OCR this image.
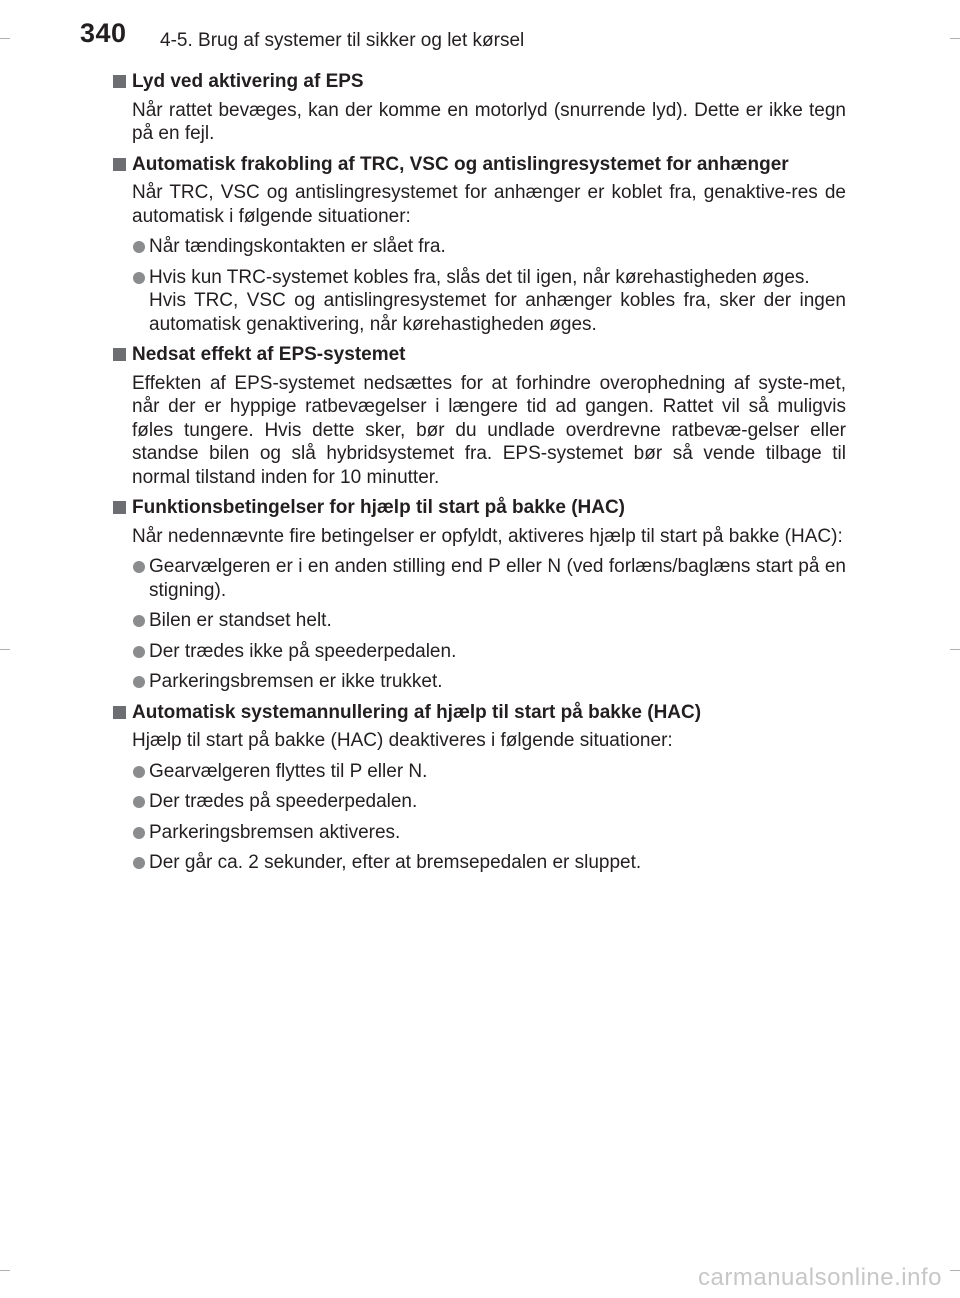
340 4-5. Brug af systemer til sikker og let kørsel
Lyd ved aktivering af EPS
Når rattet bevæges, kan der komme en motorlyd (snurrende lyd). Dette er ikke tegn på en fejl.
Automatisk frakobling af TRC, VSC og antislingresystemet for anhænger
Når TRC, VSC og antislingresystemet for anhænger er koblet fra, genaktive-res de automatisk i følgende situationer:
Når tændingskontakten er slået fra.
Hvis kun TRC-systemet kobles fra, slås det til igen, når kørehastigheden øges.
Hvis TRC, VSC og antislingresystemet for anhænger kobles fra, sker der ingen automatisk genaktivering, når kørehastigheden øges.
Nedsat effekt af EPS-systemet
Effekten af EPS-systemet nedsættes for at forhindre overophedning af syste-met, når der er hyppige ratbevægelser i længere tid ad gangen. Rattet vil så muligvis føles tungere. Hvis dette sker, bør du undlade overdrevne ratbevæ-gelser eller standse bilen og slå hybridsystemet fra. EPS-systemet bør så vende tilbage til normal tilstand inden for 10 minutter.
Funktionsbetingelser for hjælp til start på bakke (HAC)
Når nedennævnte fire betingelser er opfyldt, aktiveres hjælp til start på bakke (HAC):
Gearvælgeren er i en anden stilling end P eller N (ved forlæns/baglæns start på en stigning).
Bilen er standset helt.
Der trædes ikke på speederpedalen.
Parkeringsbremsen er ikke trukket.
Automatisk systemannullering af hjælp til start på bakke (HAC)
Hjælp til start på bakke (HAC) deaktiveres i følgende situationer:
Gearvælgeren flyttes til P eller N.
Der trædes på speederpedalen.
Parkeringsbremsen aktiveres.
Der går ca. 2 sekunder, efter at bremsepedalen er sluppet.
carmanualsonline.info
